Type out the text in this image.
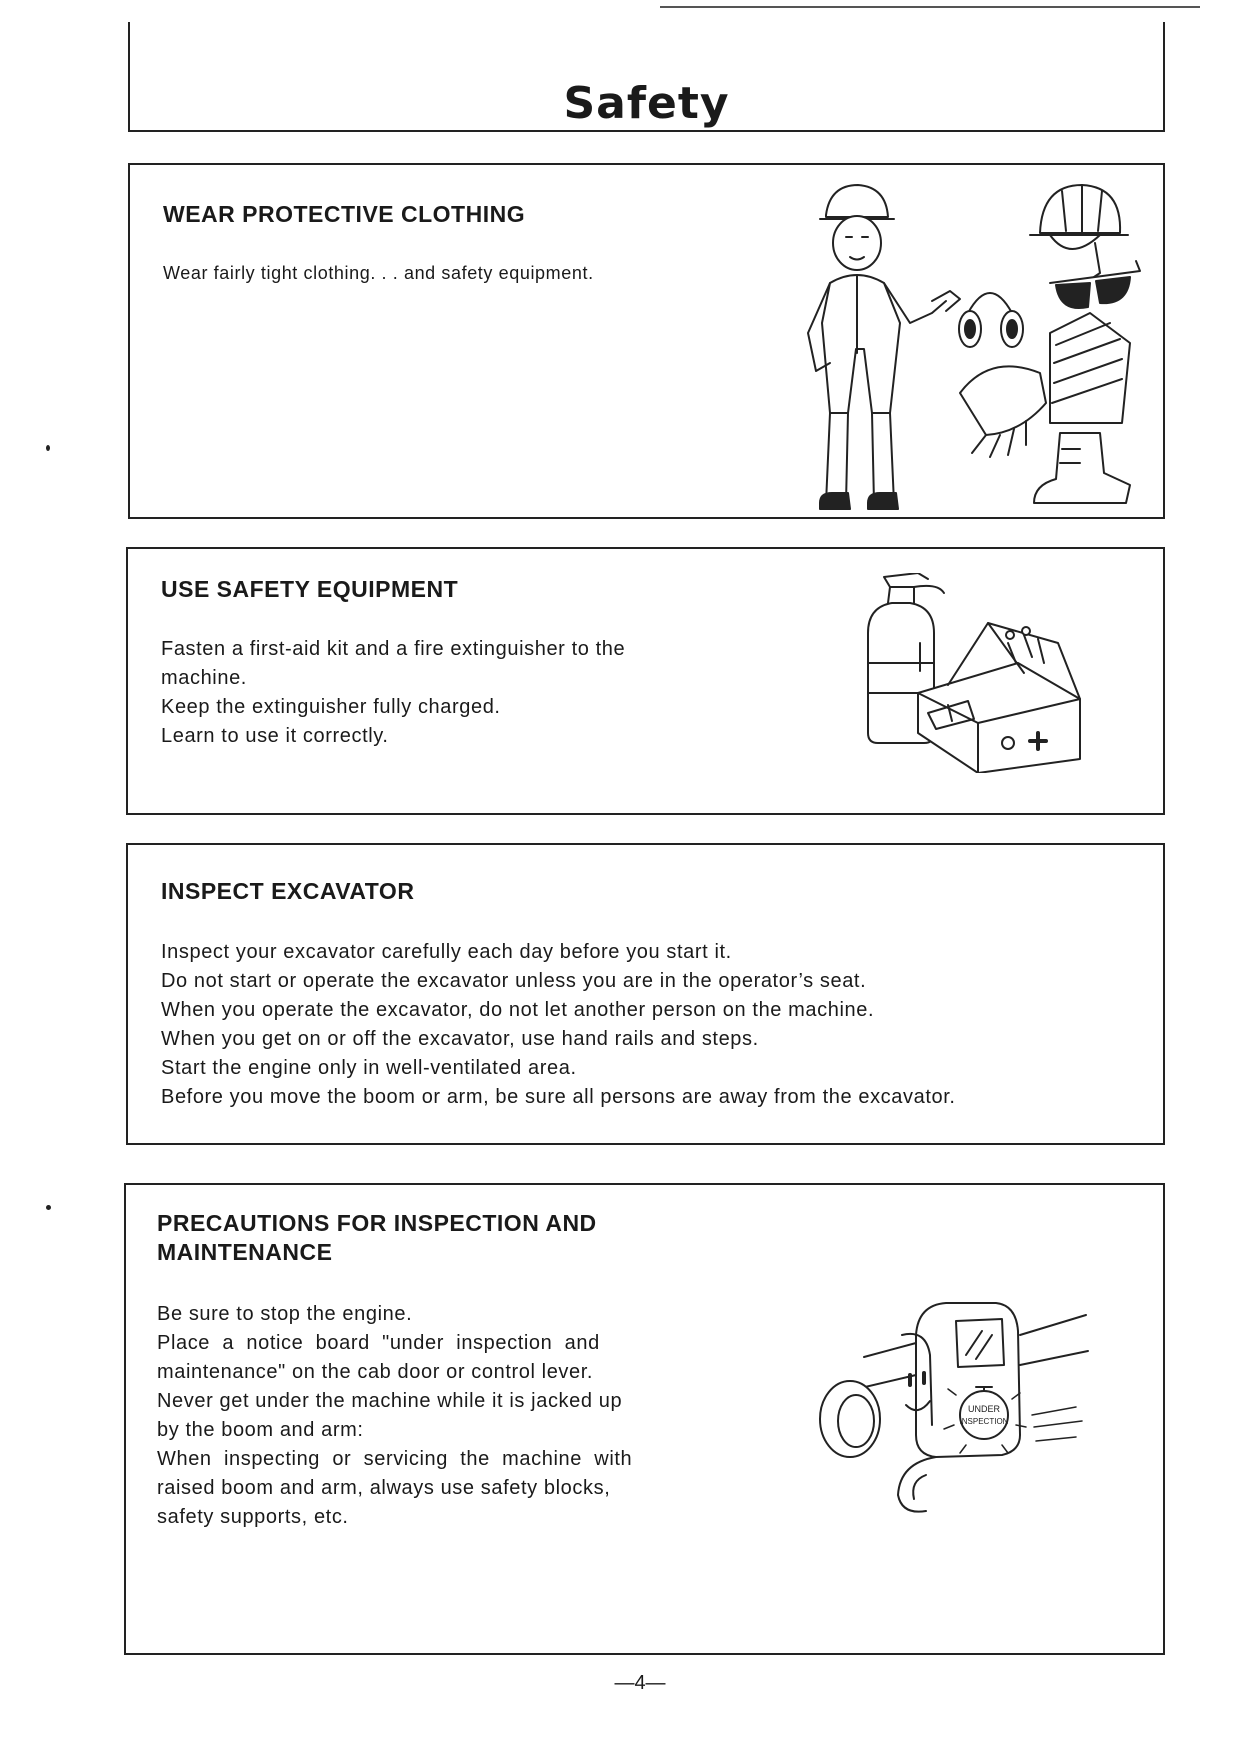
Safety
WEAR PROTECTIVE CLOTHING
Wear fairly tight clothing. . . and safety equipment.
USE SAFETY EQUIPMENT
Fasten a first-aid kit and a fire extinguisher to the
machine.
Keep the extinguisher fully charged.
Learn to use it correctly.
INSPECT EXCAVATOR
Inspect your excavator carefully each day before you start it.
Do not start or operate the excavator unless you are in the operator’s seat.
When you operate the excavator, do not let another person on the machine.
When you get on or off the excavator, use hand rails and steps.
Start the engine only in well-ventilated area.
Before you move the boom or arm, be sure all persons are away from the excavator.
PRECAUTIONS FOR INSPECTION AND
MAINTENANCE
Be sure to stop the engine.
Place  a  notice  board  "under  inspection  and
maintenance" on the cab door or control lever.
Never get under the machine while it is jacked up
by the boom and arm:
When  inspecting  or  servicing  the  machine  with
raised boom and arm, always use safety blocks,
safety supports, etc.
UNDER
INSPECTION
—4—
